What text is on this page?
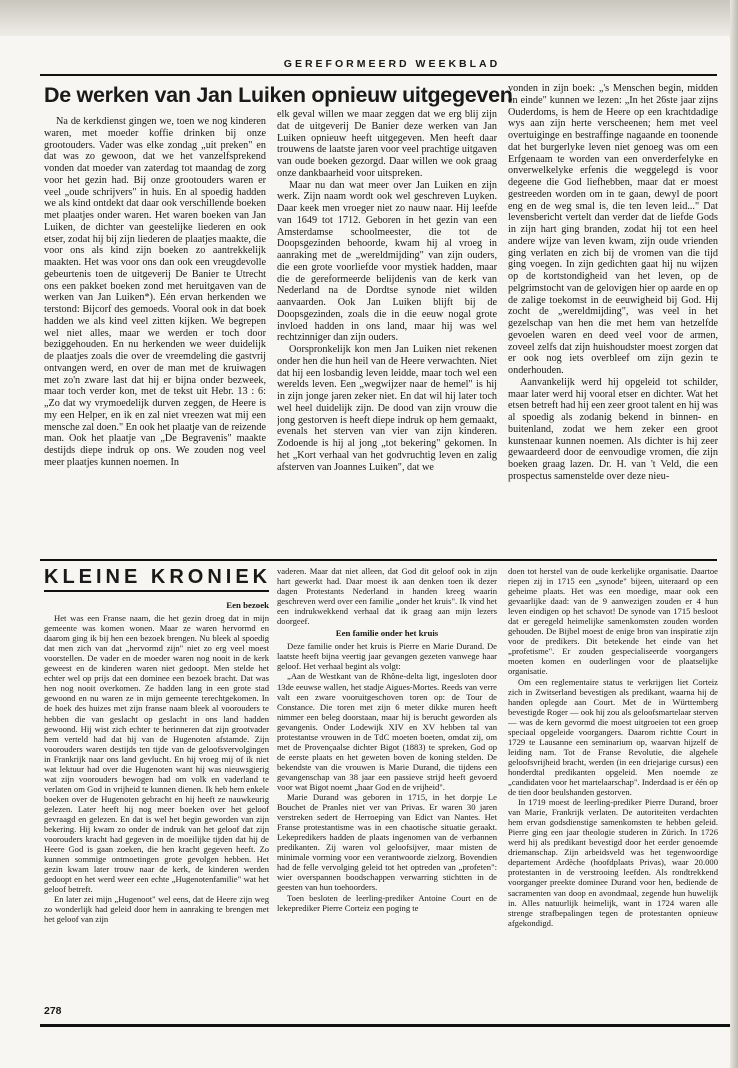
GEREFORMEERD WEEKBLAD
De werken van Jan Luiken opnieuw uitgegeven

Na de kerkdienst gingen we, toen we nog kinderen waren, met moeder koffie drinken bij onze grootouders. Vader was elke zondag „uit preken" en dat was zo gewoon, dat we het vanzelfsprekend vonden dat moeder van zaterdag tot maandag de zorg voor het gezin had. Bij onze grootouders waren er veel „oude schrijvers" in huis. En al spoedig hadden we als kind ontdekt dat daar ook verschillende boeken met plaatjes onder waren. Het waren boeken van Jan Luiken, de dichter van geestelijke liederen en ook etser, zodat hij bij zijn liederen de plaatjes maakte, die voor ons als kind zijn boeken zo aantrekkelijk maakten. Het was voor ons dan ook een vreugdevolle gebeurtenis toen de uitgeverij De Banier te Utrecht ons een pakket boeken zond met heruitgaven van de werken van Jan Luiken*). Eén ervan herkenden we terstond: Bijcorf des gemoeds. Vooral ook in dat boek hadden we als kind veel zitten kijken. We begrepen wel niet alles, maar we werden er toch door beziggehouden. En nu herkenden we weer duidelijk de plaatjes zoals die over de vreemdeling die gastvrij ontvangen werd, en over de man met de kruiwagen met zo'n zware last dat hij er bijna onder bezweek, maar toch verder kon, met de tekst uit Hebr. 13 : 6: „Zo dat wy vrymoedelijk durven zeggen, de Heere is my een Helper, en ik en zal niet vreezen wat mij een mensche zal doen." En ook het plaatje van de reizende man. Ook het plaatje van „De Begravenis" maakte destijds diepe indruk op ons. We zouden nog veel meer plaatjes kunnen noemen. In

elk geval willen we maar zeggen dat we erg blij zijn dat de uitgeverij De Banier deze werken van Jan Luiken opnieuw heeft uitgegeven. Men heeft daar trouwens de laatste jaren voor veel prachtige uitgaven van oude boeken gezorgd. Daar willen we ook graag onze dankbaarheid voor uitspreken.

Maar nu dan wat meer over Jan Luiken en zijn werk. Zijn naam wordt ook wel geschreven Luyken. Daar keek men vroeger niet zo nauw naar. Hij leefde van 1649 tot 1712. Geboren in het gezin van een Amsterdamse schoolmeester, die tot de Doopsgezinden behoorde, kwam hij al vroeg in aanraking met de „wereldmijding" van zijn ouders, die een grote voorliefde voor mystiek hadden, maar die de gereformeerde belijdenis van de kerk van Nederland na de Dordtse synode niet wilden aanvaarden. Ook Jan Luiken blijft bij de Doopsgezinden, zoals die in die eeuw nogal grote invloed hadden in ons land, maar hij was wel rechtzinniger dan zijn ouders.

Oorspronkelijk kon men Jan Luiken niet rekenen onder hen die hun heil van de Heere verwachten. Niet dat hij een losbandig leven leidde, maar toch wel een werelds leven. Een „wegwijzer naar de hemel" is hij in zijn jonge jaren zeker niet. En dat wil hij later toch wel heel duidelijk zijn. De dood van zijn vrouw die jong gestorven is heeft diepe indruk op hem gemaakt, evenals het sterven van vier van zijn kinderen. Zodoende is hij al jong „tot bekering" gekomen. In het „Kort verhaal van het godvruchtig leven en zalig afsterven van Joannes Luiken", dat we

vonden in zijn boek: „'s Menschen begin, midden en einde" kunnen we lezen: „In het 26ste jaar zijns Ouderdoms, is hem de Heere op een krachtdadige wys aan zijn herte verscheenen; hem met veel overtuiginge en bestraffinge nagaande en toonende dat het burgerlyke leven niet genoeg was om een Erfgenaam te worden van een onverderfelyke en onverwelkelyke erfenis die weggelegd is voor degeene die God liefhebben, maar dat er moest gestreeden worden om in te gaan, dewyl de poort eng en de weg smal is, die ten leven leid..." Dat levensbericht vertelt dan verder dat de liefde Gods in zijn hart ging branden, zodat hij tot een heel andere wijze van leven kwam, zijn oude vrienden ging verlaten en zich bij de vromen van die tijd ging voegen. In zijn gedichten gaat hij nu wijzen op de kortstondigheid van het leven, op de pelgrimstocht van de gelovigen hier op aarde en op de zalige toekomst in de eeuwigheid bij God. Hij zocht de „wereldmijding", was veel in het gezelschap van hen die met hem van hetzelfde gevoelen waren en deed veel voor de armen, zoveel zelfs dat zijn huishoudster moest zorgen dat er ook nog iets overbleef om zijn gezin te onderhouden.

Aanvankelijk werd hij opgeleid tot schilder, maar later werd hij vooral etser en dichter. Wat het etsen betreft had hij een zeer groot talent en hij was al spoedig als zodanig bekend in binnen- en buitenland, zodat we hem zeker een groot kunstenaar kunnen noemen. Als dichter is hij zeer gewaardeerd door de eenvoudige vromen, die zijn boeken graag lazen. Dr. H. van 't Veld, die een prospectus samenstelde over deze nieu-

KLEINE KRONIEK
Een bezoek

Het was een Franse naam, die het gezin droeg dat in mijn gemeente was komen wonen. Maar ze waren hervormd en daarom ging ik bij hen een bezoek brengen. Nu bleek al spoedig dat men zich van dat „hervormd zijn" niet zo erg veel moest voorstellen. De vader en de moeder waren nog nooit in de kerk geweest en de kinderen waren niet gedoopt. Men stelde het echter wel op prijs dat een dominee een bezoek bracht. Dat was hen nog nooit overkomen. Ze hadden lang in een grote stad gewoond en nu waren ze in mijn gemeente terechtgekomen. In de hoek des huizes met zijn franse naam bleek al voorouders te hebben die van geslacht op geslacht in ons land hadden gewoond. Hij wist zich echter te herinneren dat zijn grootvader hem verteld had dat hij van de Hugenoten afstamde. Zijn voorouders waren destijds ten tijde van de geloofsvervolgingen in Frankrijk naar ons land gevlucht. En hij vroeg mij of ik niet wat lektuur had over die Hugenoten want hij was nieuwsgierig wat zijn voorouders bewogen had om volk en vaderland te verlaten om God in vrijheid te kunnen dienen. Ik heb hem enkele boeken over de Hugenoten gebracht en hij heeft ze nauwkeurig gelezen. Later heeft hij nog meer boeken over het geloof gevraagd en gelezen. En dat is wel het begin geworden van zijn bekering. Hij kwam zo onder de indruk van het geloof dat zijn voorouders kracht had gegeven in de moeilijke tijden dat hij de Heere God is gaan zoeken, die hen kracht gegeven heeft. Zo kunnen sommige ontmoetingen grote gevolgen hebben. Het gezin kwam later trouw naar de kerk, de kinderen werden gedoopt en het werd weer een echte „Hugenotenfamilie" wat het geloof betreft.

En later zei mijn „Hugenoot" wel eens, dat de Heere zijn weg zo wonderlijk had geleid door hem in aanraking te brengen met het geloof van zijn

vaderen. Maar dat niet alleen, dat God dit geloof ook in zijn hart gewerkt had. Daar moest ik aan denken toen ik dezer dagen Protestants Nederland in handen kreeg waarin geschreven werd over een familie „onder het kruis". Ik vind het een indrukwekkend verhaal dat ik graag aan mijn lezers doorgeef.

Een familie onder het kruis

Deze familie onder het kruis is Pierre en Marie Durand. De laatste heeft bijna veertig jaar gevangen gezeten vanwege haar geloof. Het verhaal begint als volgt:

„Aan de Westkant van de Rhône-delta ligt, ingesloten door 13de eeuwse wallen, het stadje Aigues-Mortes. Reeds van verre valt een zware vooruitgeschoven toren op: de Tour de Constance. Die toren met zijn 6 meter dikke muren heeft nimmer een beleg doorstaan, maar hij is berucht geworden als gevangenis. Onder Lodewijk XIV en XV hebben tal van protestantse vrouwen in de TdC moeten boeten, omdat zij, om met de Provençaalse dichter Bigot (1883) te spreken, God op de eerste plaats en het geweten boven de koning stelden. De bekendste van die vrouwen is Marie Durand, die tijdens een gevangenschap van 38 jaar een passieve strijd heeft gevoerd voor wat Bigot noemt „haar God en de vrijheid".

Marie Durand was geboren in 1715, in het dorpje Le Bouchet de Pranles niet ver van Privas. Er waren 30 jaren verstreken sedert de Herroeping van Edict van Nantes. Het Franse protestantisme was in een chaotische situatie geraakt. Lekepredikers hadden de plaats ingenomen van de verbannen predikanten. Zij waren vol geloofsijver, maar misten de minimale vorming voor een verantwoorde zielzorg. Bovendien had de felle vervolging geleid tot het optreden van „profeten": wier overspannen boodschappen verwarring stichtten in de geesten van hun toehoorders.

Toen besloten de leerling-prediker Antoine Court en de lekeprediker Pierre Corteiz een poging te

doen tot herstel van de oude kerkelijke organisatie. Daartoe riepen zij in 1715 een „synode" bijeen, uiteraard op een geheime plaats. Het was een moedige, maar ook een gevaarlijke daad: van de 9 aanwezigen zouden er 4 hun leven eindigen op het schavot! De synode van 1715 besloot dat er geregeld heimelijke samenkomsten zouden worden gehouden. De Bijbel moest de enige bron van inspiratie zijn voor de predikers. Dit betekende het einde van het „profetisme". Er zouden gespecialiseerde voorgangers moeten komen en ouderlingen voor de plaatselijke organisatie.

Om een reglementaire status te verkrijgen liet Corteiz zich in Zwitserland bevestigen als predikant, waarna hij de handen oplegde aan Court. Met de in Württemberg bevestigde Roger — ook hij zou als geloofsmartelaar sterven — was de kern gevormd die moest uitgroeien tot een groep speciaal opgeleide voorgangers. Daarom richtte Court in 1729 te Lausanne een seminarium op, waarvan hijzelf de leiding nam. Tot de Franse Revolutie, die algehele geloofsvrijheid bracht, werden (in een driejarige cursus) een honderdtal predikanten opgeleid. Men noemde ze „candidaten voor het martelaarschap". Inderdaad is er één op de tien door beulshanden gestorven.

In 1719 moest de leerling-prediker Pierre Durand, broer van Marie, Frankrijk verlaten. De autoriteiten verdachten hem ervan godsdienstige samenkomsten te hebben geleid. Pierre ging een jaar theologie studeren in Zürich. In 1726 werd hij als predikant bevestigd door het eerder genoemde driemanschap. Zijn arbeidsveld was het tegenwoordige departement Ardèche (hoofdplaats Privas), waar 20.000 protestanten in de verstrooing leefden. Als rondtrekkend voorganger preekte dominee Durand voor hen, bediende de sacramenten van doop en avondmaal, zegende hun huwelijk in. Alles natuurlijk heimelijk, want in 1724 waren alle strenge strafbepalingen tegen de protestanten opnieuw afgekondigd.

278
